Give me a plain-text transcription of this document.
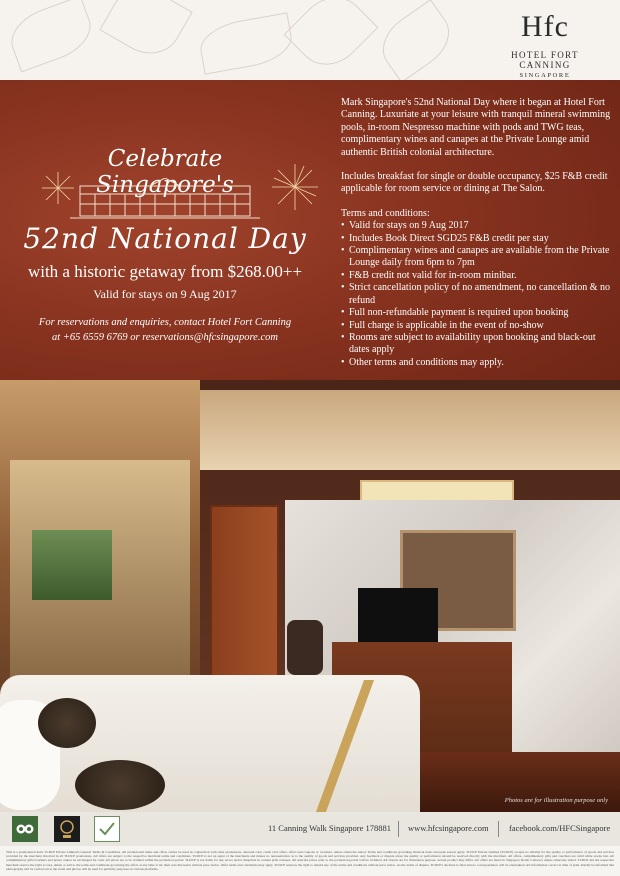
Hfc
HOTEL FORT CANNING
SINGAPORE
Celebrate Singapore's
52nd National Day
with a historic getaway from $268.00++
Valid for stays on 9 Aug 2017
For reservations and enquiries, contact Hotel Fort Canning
at +65 6559 6769 or reservations@hfcsingapore.com

Mark Singapore's 52nd National Day where it began at Hotel Fort Canning. Luxuriate at your leisure with tranquil mineral swimming pools, in-room Nespresso machine with pods and TWG teas, complimentary wines and canapes at the Private Lounge amid authentic British colonial architecture.

Includes breakfast for single or double occupancy, $25 F&B credit applicable for room service or dining at The Salon.

Terms and conditions:
• Valid for stays on 9 Aug 2017
• Includes Book Direct SGD25 F&B credit per stay
• Complimentary wines and canapes are available from the Private Lounge daily from 6pm to 7pm
• F&B credit not valid for in-room minibar.
• Strict cancellation policy of no amendment, no cancellation & no refund
• Full non-refundable payment is required upon booking
• Full charge is applicable in the event of no-show
• Rooms are subject to availability upon booking and black-out dates apply
• Other terms and conditions may apply.
Photos are for illustration purpose only
11 Canning Walk Singapore 178881 www.hfcsingapore.com facebook.com/HFCSingapore
This is a promotional item. TLDCP Private Limited's General Terms & Conditions. All promotional items and offers cannot be used in conjunction with other promotions, discount card, credit card offers, offers and coupons or vouchers, unless otherwise stated. Terms and conditions governing blackout dates and peak season apply. TLDCP Private Limited (TLDCP) accepts no liability for the quality or performance of goods and services provided by the merchant involved in all TLDCP promotions. All offers are subject to the respective merchant terms and conditions. TLDCP is not an agent of the merchants and makes no representation as to the quality of goods and services provided. Any feedback or dispute about the quality or performance should be resolved directly with the merchant. All offers, complimentary gifts and vouchers are valid while stocks last. All complimentary gifts/vouchers and prizes cannot be exchanged for cash. All prices are to be claimed within the promotion period. TLDCP is not liable for any errors and/or misprints in content print releases. All selected prices refer to the promotion period will be forfeited. All visuals are for illustration purpose. Actual product may differ. All offers are listed in Singapore Dollar Currency unless otherwise stated. TLDCP and the respective merchant reserve the right to vary, delete or add to the terms and conditions governing the offers at any time at its/ their sole discretion without prior notice. Offer terms and conditions may apply. TLDCP reserves the right to amend any of the terms and conditions without prior notice. As the terms of dispute, TLDCP's decision is final and no correspondence will be entertained. All information correct at time of print. Kindly be informed that photography will be carried out at the event and photos will be used for publicity purposes on various platforms.
